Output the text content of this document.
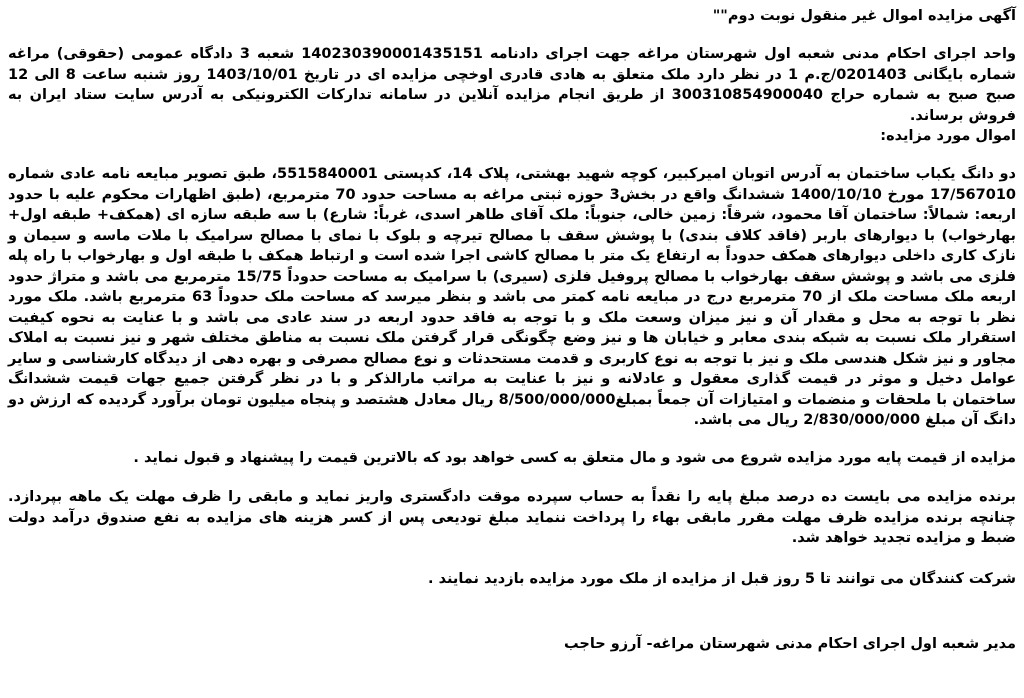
آگهی مزایده اموال غیر منقول نوبت دوم""
واحد اجرای احکام مدنی شعبه اول شهرستان مراغه جهت اجرای دادنامه 140230390001435151 شعبه 3 دادگاه عمومی (حقوقی) مراغه شماره بایگانی 0201403/ج.م 1 در نظر دارد ملک متعلق به هادی قادری اوخچی مزایده ای در تاریخ 1403/10/01 روز شنبه ساعت 8 الی 12 صبح صبح به شماره حراج 300310854900040 از طریق انجام مزایده آنلاین در سامانه تدارکات الکترونیکی به آدرس سایت ستاد ایران به فروش برساند.
اموال مورد مزایده:
دو دانگ یکباب ساختمان به آدرس اتوبان امیرکبیر، کوچه شهید بهشتی، پلاک 14، کدپستی 5515840001، طبق تصویر مبایعه نامه عادی شماره 17/567010 مورخ 1400/10/10 ششدانگ واقع در بخش3 حوزه ثبتی مراغه به مساحت حدود 70 مترمربع، (طبق اظهارات محکوم علیه با حدود اربعه: شمالاً: ساختمان آقا محمود، شرقاً: زمین خالی، جنوباً: ملک آقای طاهر اسدی، غرباً: شارع) با سه طبقه سازه ای (همکف+ طبقه اول+ بهارخواب) با دیوارهای باربر (فاقد کلاف بندی) با پوشش سقف با مصالح تیرچه و بلوک با نمای با مصالح سرامیک با ملات ماسه و سیمان و نازک کاری داخلی دیوارهای همکف حدوداً به ارتفاع یک متر با مصالح کاشی اجرا شده است و ارتباط همکف با طبقه اول و بهارخواب با راه پله فلزی می باشد و پوشش سقف بهارخواب با مصالح پروفیل فلزی (سیری) با سرامیک به مساحت حدوداً 15/75 مترمربع می باشد و متراژ حدود اربعه ملک مساحت ملک از 70 مترمربع درج در مبایعه نامه کمتر می باشد و بنظر میرسد که مساحت ملک حدوداً 63 مترمربع باشد. ملک مورد نظر با توجه به محل و مقدار آن و نیز میزان وسعت ملک و با توجه به فاقد حدود اربعه در سند عادی می باشد و با عنایت به نحوه کیفیت استقرار ملک نسبت به شبکه بندی معابر و خیابان ها و نیز وضع چگونگی قرار گرفتن ملک نسبت به مناطق مختلف شهر و نیز نسبت به املاک مجاور و نیز شکل هندسی ملک و نیز با توجه به نوع کاربری و قدمت مستحدثات و نوع مصالح مصرفی و بهره دهی از دیدگاه کارشناسی و سایر عوامل دخیل و موثر در قیمت گذاری معقول و عادلانه و نیز با عنایت به مراتب مارالذکر و با در نظر گرفتن جمیع جهات قیمت ششدانگ ساختمان با ملحقات و منضمات و امتیازات آن جمعاً بمبلغ8/500/000/000 ریال معادل هشتصد و پنجاه میلیون تومان برآورد گردیده که ارزش دو دانگ آن مبلغ 2/830/000/000 ریال می باشد.
مزایده از قیمت پایه مورد مزایده شروع می شود و مال متعلق به کسی خواهد بود که بالاترین قیمت را پیشنهاد و قبول نماید .
برنده مزایده می بایست ده درصد مبلغ پایه را نقداً به حساب سپرده موقت دادگستری واریز نماید و مابقی را ظرف مهلت یک ماهه بپردازد. چنانچه برنده مزایده ظرف مهلت مقرر مابقی بهاء را پرداخت ننماید مبلغ تودیعی پس از کسر هزینه های مزایده به نفع صندوق درآمد دولت ضبط و مزایده تجدید خواهد شد.
شرکت کنندگان می توانند تا 5 روز قبل از مزایده از ملک مورد مزایده بازدید نمایند .
مدیر شعبه اول اجرای احکام مدنی شهرستان مراغه- آرزو حاجب
